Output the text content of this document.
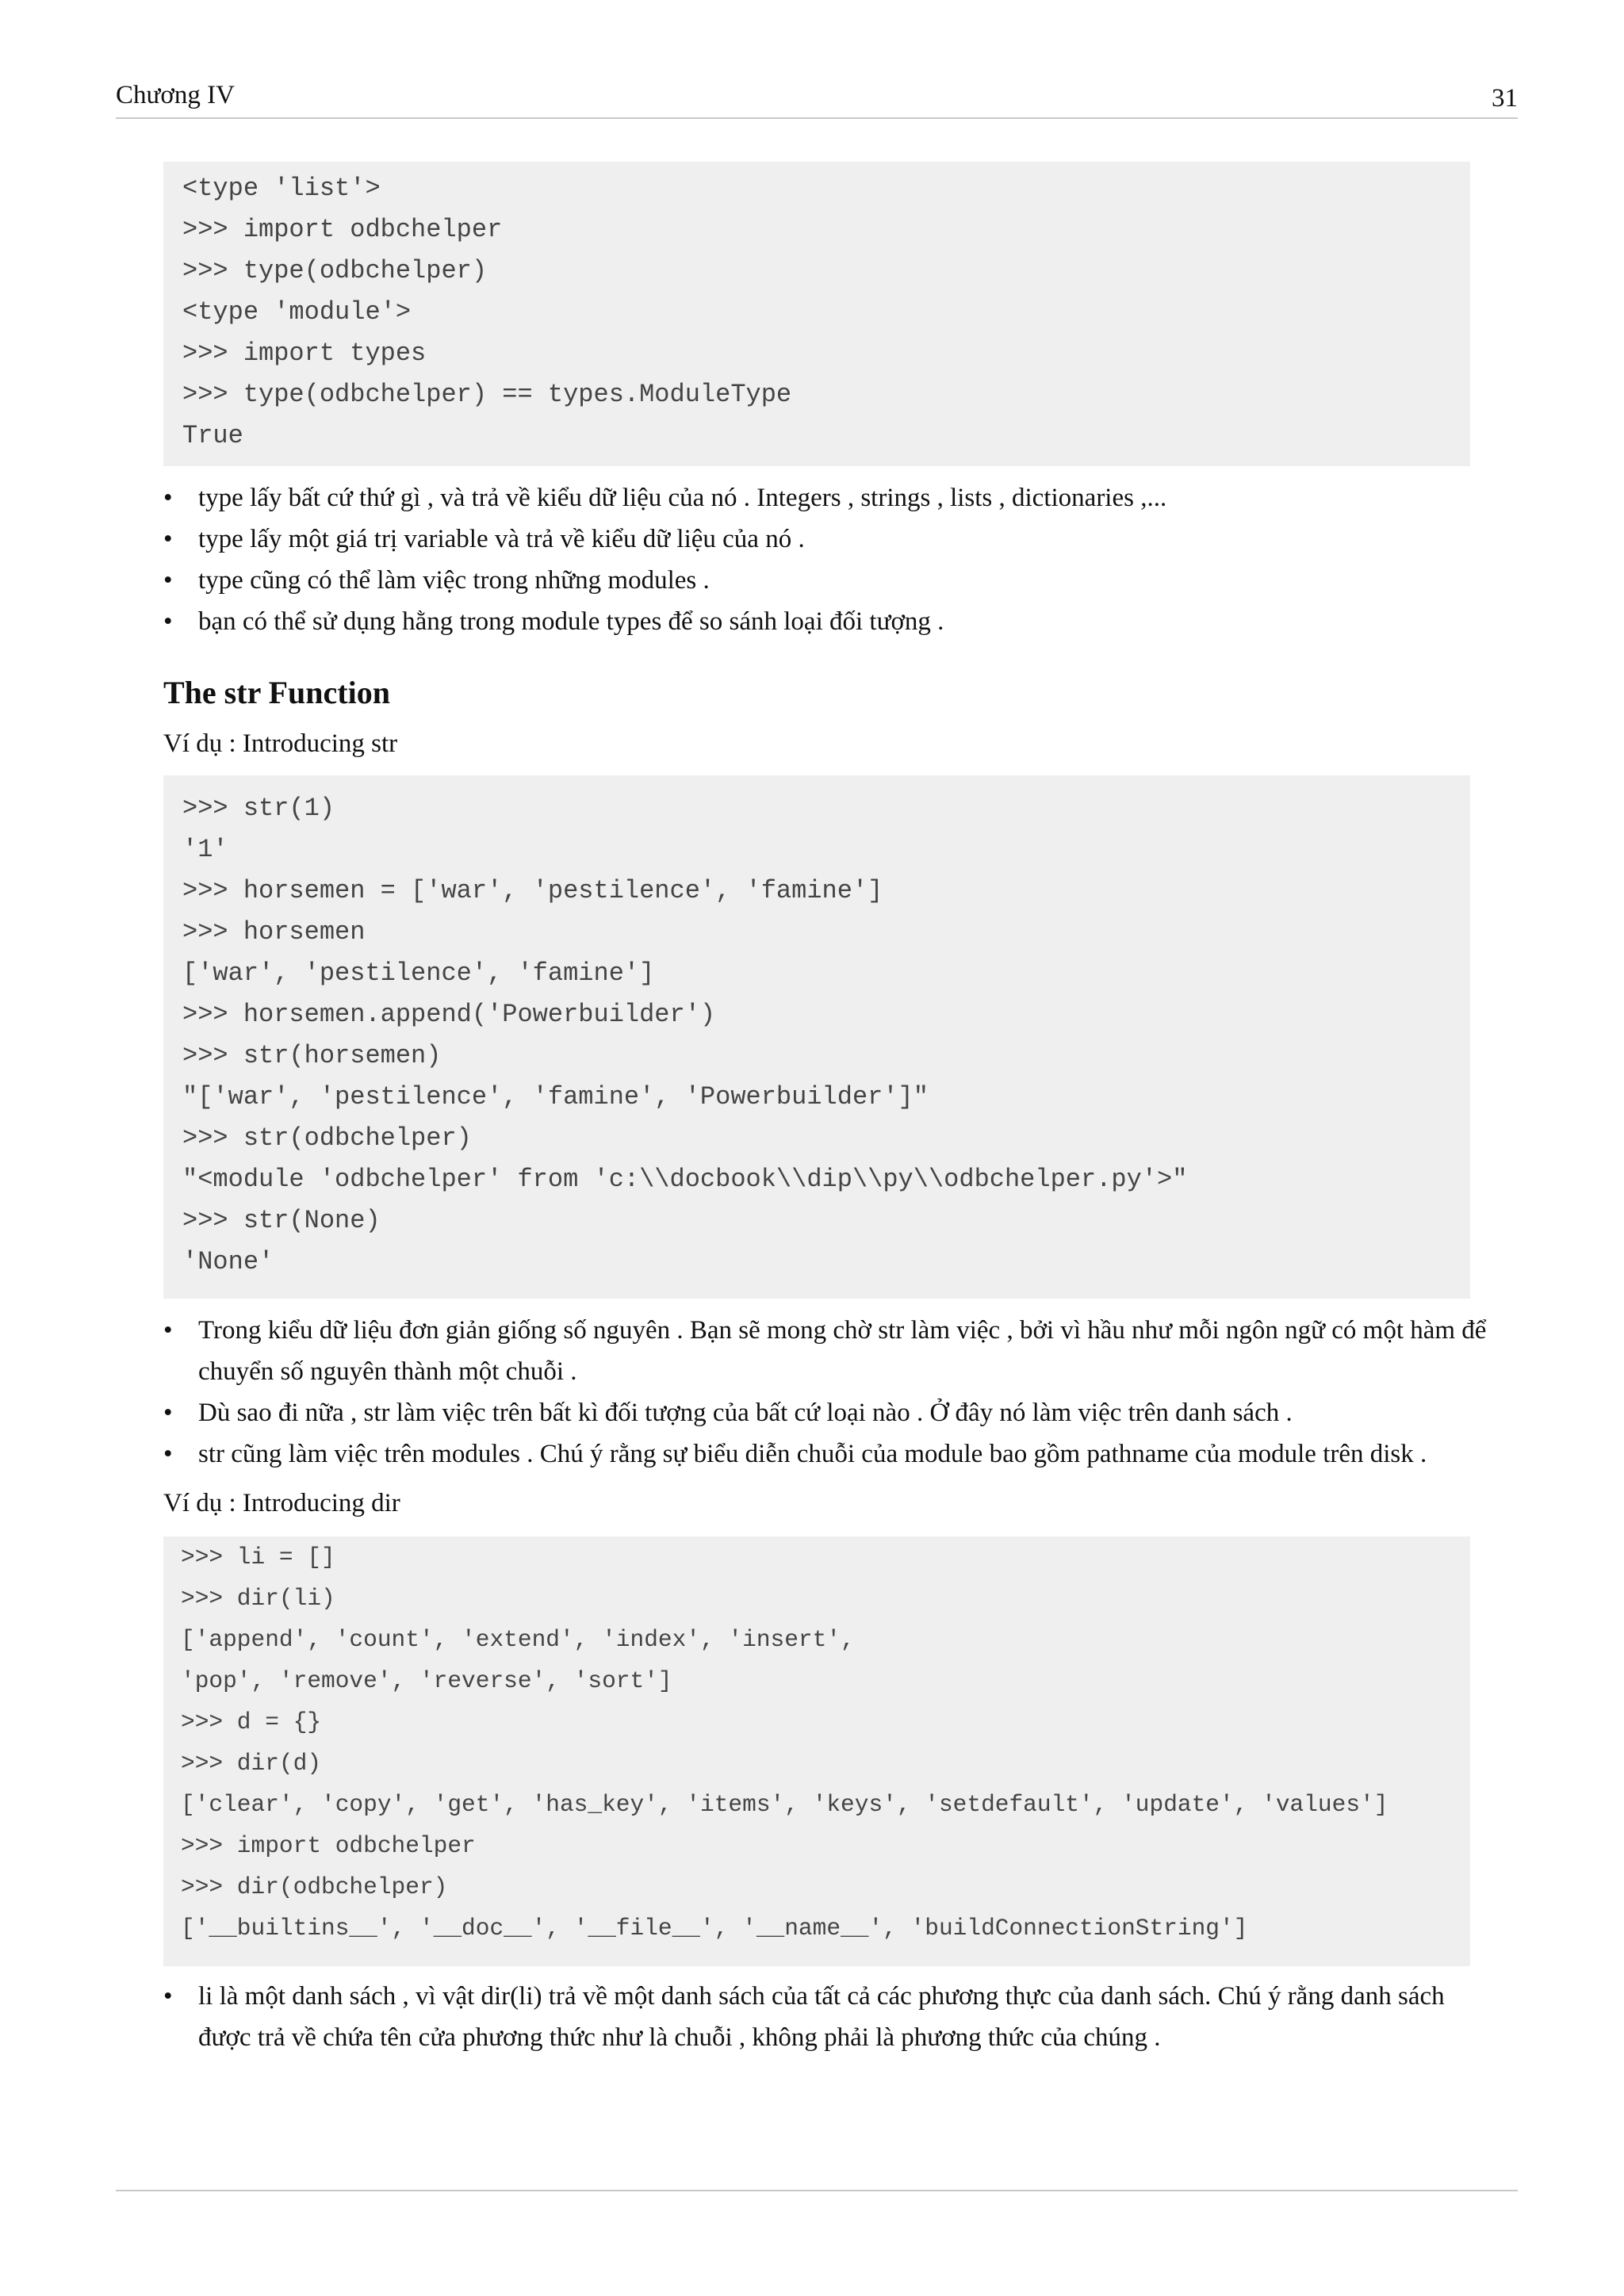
Chương IV	31
<type 'list'>
>>> import odbchelper
>>> type(odbchelper)
<type 'module'>
>>> import types
>>> type(odbchelper) == types.ModuleType
True
• type lấy bất cứ thứ gì , và trả về kiểu dữ liệu của nó . Integers , strings , lists , dictionaries ,...
• type lấy một giá trị variable và trả về kiểu dữ liệu của nó .
• type cũng có thể làm việc trong những modules .
• bạn có thể sử dụng hằng trong module types để so sánh loại đối tượng .
The str Function
Ví dụ : Introducing str
>>> str(1)
'1'
>>> horsemen = ['war', 'pestilence', 'famine']
>>> horsemen
['war', 'pestilence', 'famine']
>>> horsemen.append('Powerbuilder')
>>> str(horsemen)
"['war', 'pestilence', 'famine', 'Powerbuilder']"
>>> str(odbchelper)
"<module 'odbchelper' from 'c:\\docbook\\dip\\py\\odbchelper.py'>"
>>> str(None)
'None'
• Trong kiểu dữ liệu đơn giản giống số nguyên . Bạn sẽ mong chờ str làm việc , bởi vì hầu như mỗi ngôn ngữ có một hàm để chuyển số nguyên thành một chuỗi .
• Dù sao đi nữa , str làm việc trên bất kì đối tượng của bất cứ loại nào . Ở đây nó làm việc trên danh sách .
• str cũng làm việc trên modules . Chú ý rằng sự biểu diễn chuỗi của module bao gồm pathname của module trên disk .
Ví dụ : Introducing dir
>>> li = []
>>> dir(li)
['append', 'count', 'extend', 'index', 'insert',
'pop', 'remove', 'reverse', 'sort']
>>> d = {}
>>> dir(d)
['clear', 'copy', 'get', 'has_key', 'items', 'keys', 'setdefault', 'update', 'values']
>>> import odbchelper
>>> dir(odbchelper)
['__builtins__', '__doc__', '__file__', '__name__', 'buildConnectionString']
• li là một danh sách , vì vật dir(li) trả về một danh sách của tất cả các phương thực của danh sách. Chú ý rằng danh sách được trả về chứa tên cửa phương thức như là chuỗi , không phải là phương thức của chúng .
